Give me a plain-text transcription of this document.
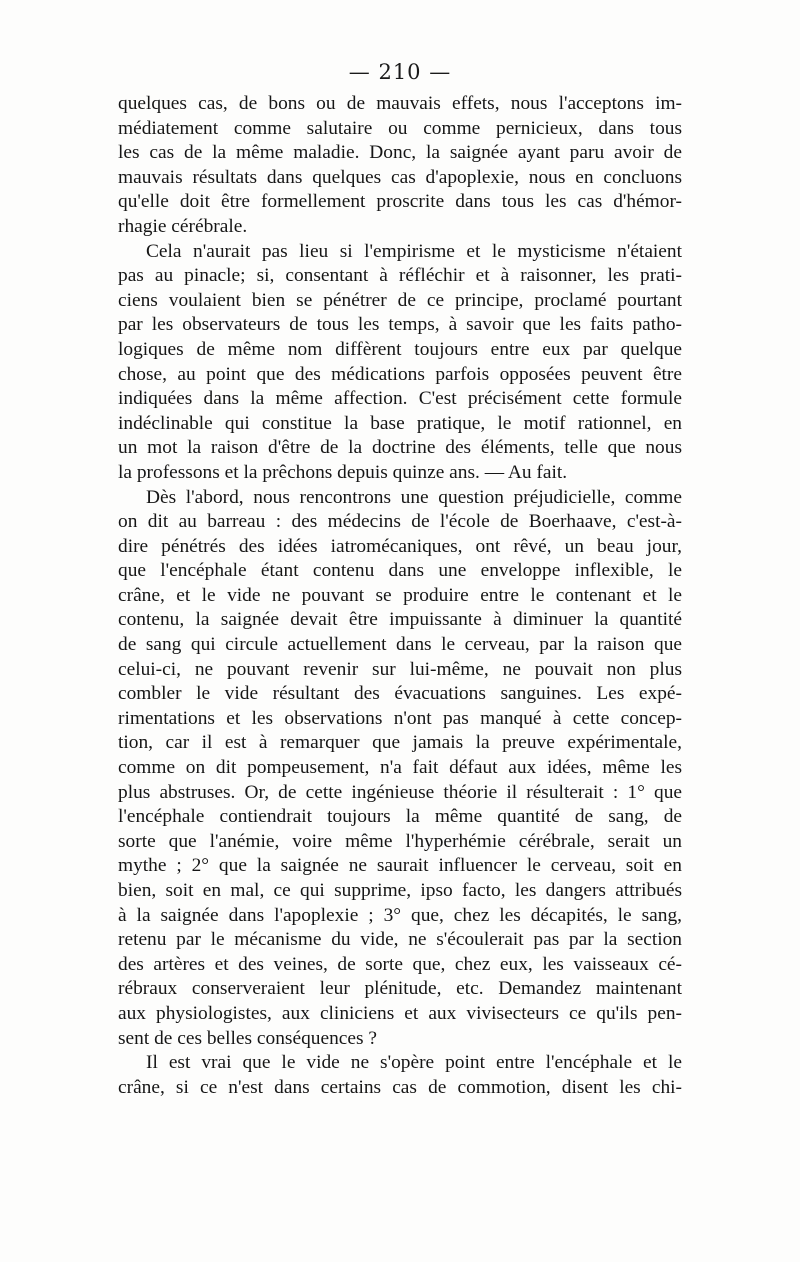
— 210 —
quelques cas, de bons ou de mauvais effets, nous l'acceptons im-
médiatement comme salutaire ou comme pernicieux, dans tous
les cas de la même maladie. Donc, la saignée ayant paru avoir de
mauvais résultats dans quelques cas d'apoplexie, nous en concluons
qu'elle doit être formellement proscrite dans tous les cas d'hémor-
rhagie cérébrale.
Cela n'aurait pas lieu si l'empirisme et le mysticisme n'étaient
pas au pinacle; si, consentant à réfléchir et à raisonner, les prati-
ciens voulaient bien se pénétrer de ce principe, proclamé pourtant
par les observateurs de tous les temps, à savoir que les faits patho-
logiques de même nom diffèrent toujours entre eux par quelque
chose, au point que des médications parfois opposées peuvent être
indiquées dans la même affection. C'est précisément cette formule
indéclinable qui constitue la base pratique, le motif rationnel, en
un mot la raison d'être de la doctrine des éléments, telle que nous
la professons et la prêchons depuis quinze ans. — Au fait.
Dès l'abord, nous rencontrons une question préjudicielle, comme
on dit au barreau : des médecins de l'école de Boerhaave, c'est-à-
dire pénétrés des idées iatromécaniques, ont rêvé, un beau jour,
que l'encéphale étant contenu dans une enveloppe inflexible, le
crâne, et le vide ne pouvant se produire entre le contenant et le
contenu, la saignée devait être impuissante à diminuer la quantité
de sang qui circule actuellement dans le cerveau, par la raison que
celui-ci, ne pouvant revenir sur lui-même, ne pouvait non plus
combler le vide résultant des évacuations sanguines. Les expé-
rimentations et les observations n'ont pas manqué à cette concep-
tion, car il est à remarquer que jamais la preuve expérimentale,
comme on dit pompeusement, n'a fait défaut aux idées, même les
plus abstruses. Or, de cette ingénieuse théorie il résulterait : 1° que
l'encéphale contiendrait toujours la même quantité de sang, de
sorte que l'anémie, voire même l'hyperhémie cérébrale, serait un
mythe ; 2° que la saignée ne saurait influencer le cerveau, soit en
bien, soit en mal, ce qui supprime, ipso facto, les dangers attribués
à la saignée dans l'apoplexie ; 3° que, chez les décapités, le sang,
retenu par le mécanisme du vide, ne s'écoulerait pas par la section
des artères et des veines, de sorte que, chez eux, les vaisseaux cé-
rébraux conserveraient leur plénitude, etc. Demandez maintenant
aux physiologistes, aux cliniciens et aux vivisecteurs ce qu'ils pen-
sent de ces belles conséquences ?
Il est vrai que le vide ne s'opère point entre l'encéphale et le
crâne, si ce n'est dans certains cas de commotion, disent les chi-
